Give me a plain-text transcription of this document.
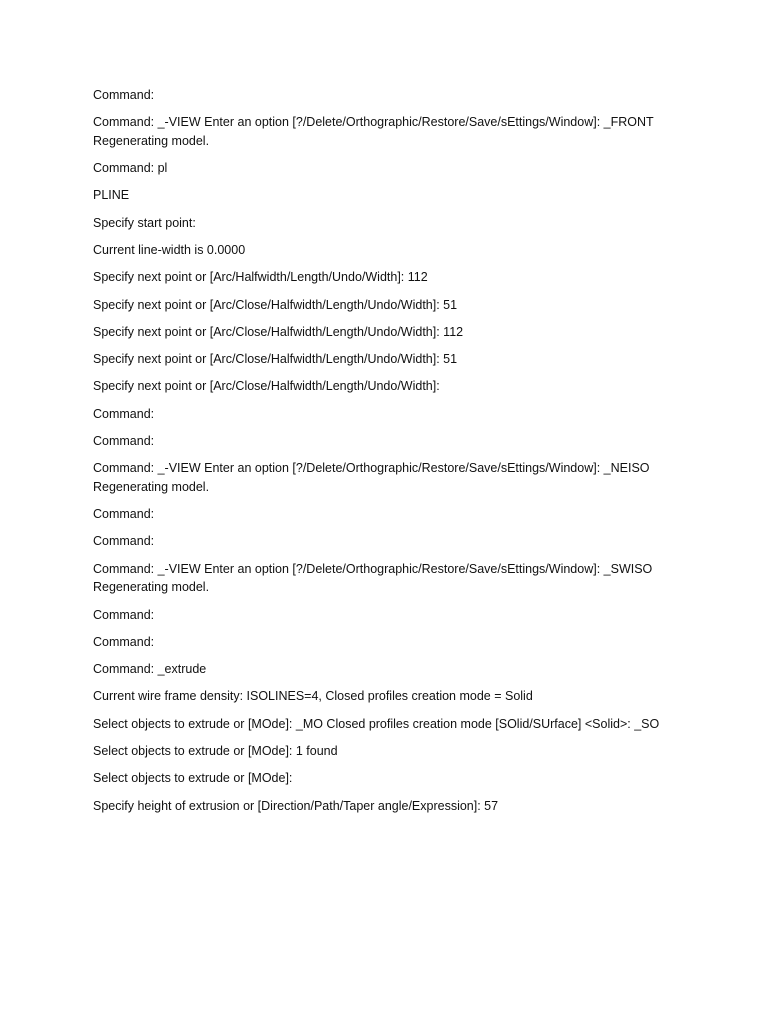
Command:

Command: _-VIEW Enter an option [?/Delete/Orthographic/Restore/Save/sEttings/Window]: _FRONT Regenerating model.

Command: pl

PLINE

Specify start point:

Current line-width is 0.0000

Specify next point or [Arc/Halfwidth/Length/Undo/Width]: 112

Specify next point or [Arc/Close/Halfwidth/Length/Undo/Width]: 51

Specify next point or [Arc/Close/Halfwidth/Length/Undo/Width]: 112

Specify next point or [Arc/Close/Halfwidth/Length/Undo/Width]: 51

Specify next point or [Arc/Close/Halfwidth/Length/Undo/Width]:

Command:

Command:

Command: _-VIEW Enter an option [?/Delete/Orthographic/Restore/Save/sEttings/Window]: _NEISO Regenerating model.

Command:

Command:

Command: _-VIEW Enter an option [?/Delete/Orthographic/Restore/Save/sEttings/Window]: _SWISO Regenerating model.

Command:

Command:

Command: _extrude

Current wire frame density: ISOLINES=4, Closed profiles creation mode = Solid

Select objects to extrude or [MOde]: _MO Closed profiles creation mode [SOlid/SUrface] <Solid>: _SO

Select objects to extrude or [MOde]: 1 found

Select objects to extrude or [MOde]:

Specify height of extrusion or [Direction/Path/Taper angle/Expression]: 57
